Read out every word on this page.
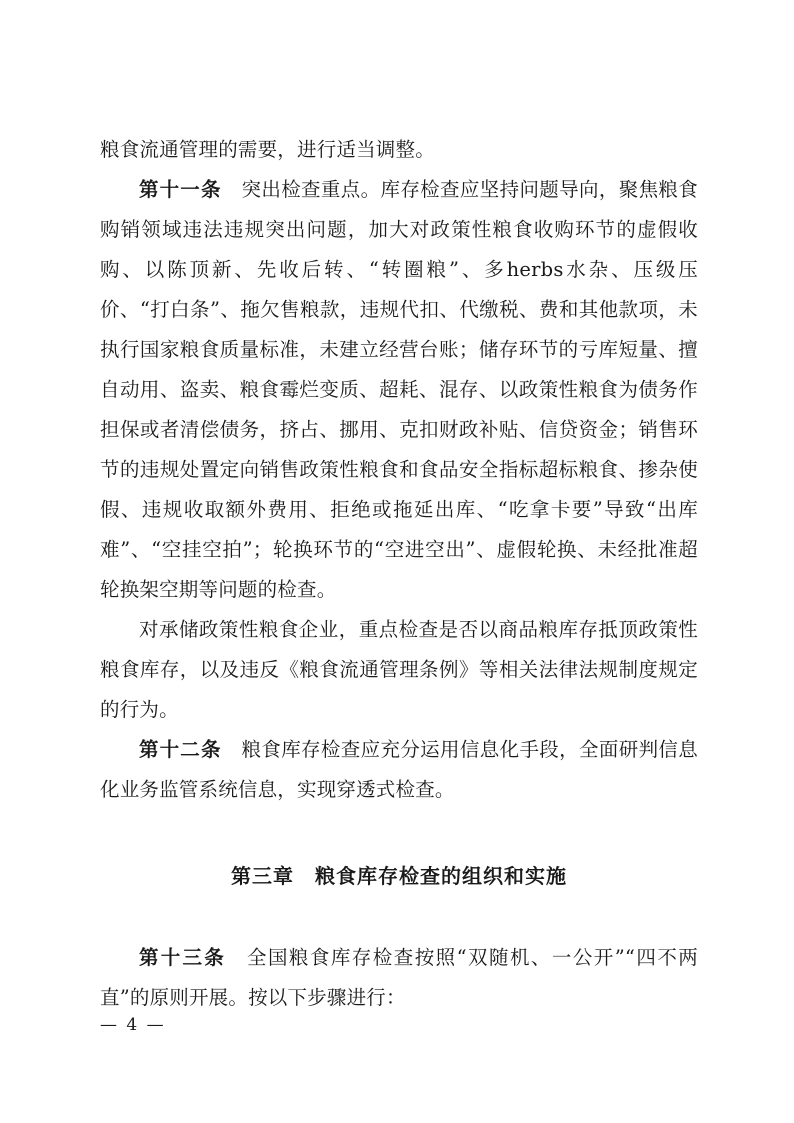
粮食流通管理的需要，进行适当调整。

第十一条　突出检查重点。库存检查应坚持问题导向，聚焦粮食购销领域违法违规突出问题，加大对政策性粮食收购环节的虚假收购、以陈顶新、先收后转、“转圈粮”、多herbs水杂、压级压价、“打白条”、拖欠售粮款，违规代扣、代缴税、费和其他款项，未执行国家粮食质量标准，未建立经营台账；储存环节的亏库短量、擅自动用、盗卖、粮食霉烂变质、超耗、混存、以政策性粮食为债务作担保或者清偿债务，挤占、挪用、克扣财政补贴、信贷资金；销售环节的违规处置定向销售政策性粮食和食品安全指标超标粮食、掺杂使假、违规收取额外费用、拒绝或拖延出库、“吃拿卡要”导致“出库难”、“空挂空拍”；轮换环节的“空进空出”、虚假轮换、未经批准超轮换架空期等问题的检查。

对承储政策性粮食企业，重点检查是否以商品粮库存抵顶政策性粮食库存，以及违反《粮食流通管理条例》等相关法律法规制度规定的行为。

第十二条　粮食库存检查应充分运用信息化手段，全面研判信息化业务监管系统信息，实现穿透式检查。

第三章　粮食库存检查的组织和实施

第十三条　全国粮食库存检查按照“双随机、一公开”“四不两直”的原则开展。按以下步骤进行：

— 4 —
